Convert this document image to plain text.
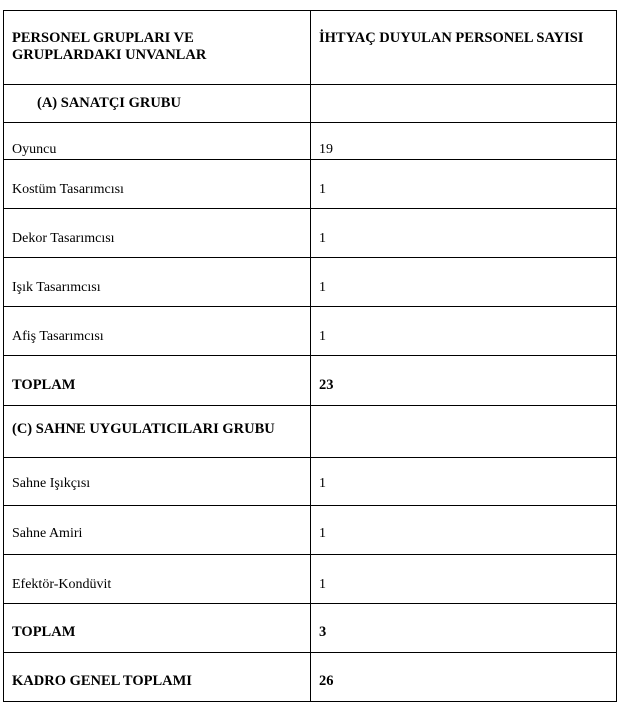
PERSONEL GRUPLARI VE GRUPLARDAKI UNVANLAR	İHTYAÇ DUYULAN PERSONEL SAYISI

(A) SANATÇI GRUBU	

Oyuncu	19

Kostüm Tasarımcısı	1

Dekor Tasarımcısı	1

Işık Tasarımcısı	1

Afiş Tasarımcısı	1

TOPLAM	23

(C) SAHNE UYGULATICILARI GRUBU	

Sahne Işıkçısı	1

Sahne Amiri	1

Efektör-Kondüvit	1

TOPLAM	3

KADRO GENEL TOPLAMI	26
